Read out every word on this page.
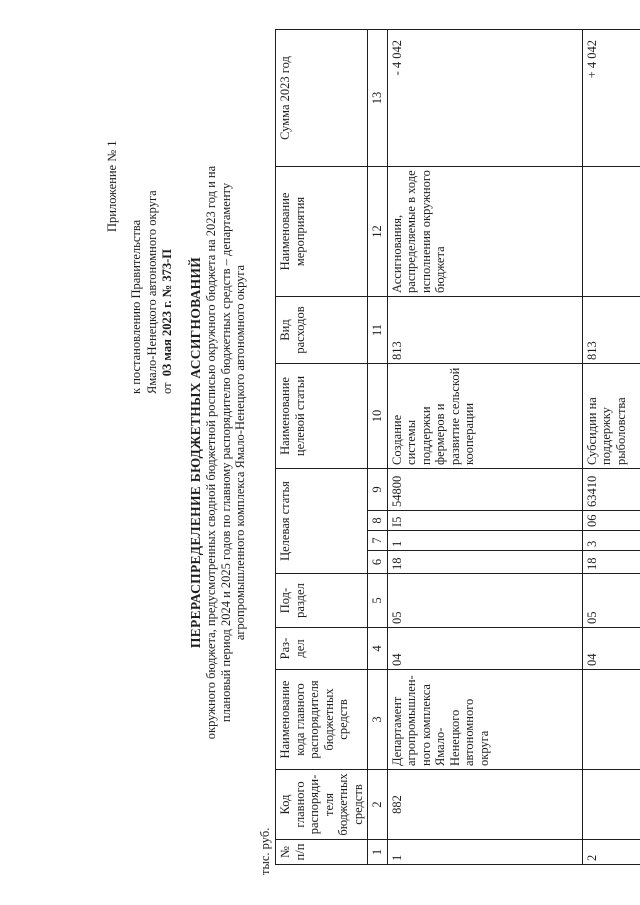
Приложение № 1
к постановлению Правительства Ямало-Ненецкого автономного округа от  03 мая 2023 г. № 373-П ПЕРЕРАСПРЕДЕЛЕНИЕ БЮДЖЕТНЫХ АССИГНОВАНИЙ окружного бюджета, предусмотренных сводной бюджетной росписью окружного бюджета на 2023 год и на плановый период 2024 и 2025 годов по главному распорядителю бюджетных средств – департаменту агропромышленного комплекса Ямало-Ненецкого автономного округа
тыс. руб. № п/п	Код главного распоряди-теля бюджетных средств	Наименование кода главного распорядителя бюджетных средств	Раз-дел	Под-раздел	Целевая статья				Наименование целевой статьи	Вид расходов	Наименование мероприятия	Сумма 2023 год
1	2	3	4	5	6	7	8	9	10	11	12	13
1	882	Департамент агропромышлен-ного комплекса Ямало-Ненецкого автономного округа	04	05	18	1	I5	54800	Создание системы поддержки фермеров и развитие сельской кооперации	813	Ассигнования, распределяемые в ходе исполнения окружного бюджета	- 4 042
2			04	05	18	3	06	63410	Субсидии на поддержку рыболовства	813		+ 4 042
